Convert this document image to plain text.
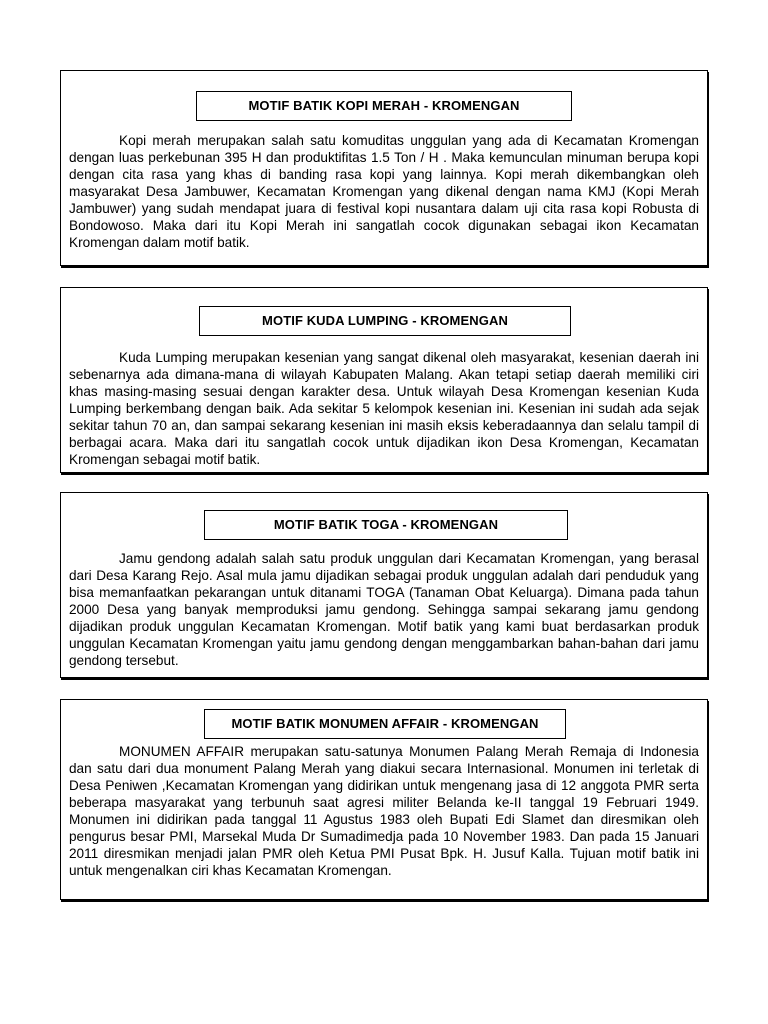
MOTIF BATIK KOPI MERAH - KROMENGAN

Kopi merah merupakan salah satu komuditas unggulan yang ada di Kecamatan Kromengan dengan luas perkebunan 395 H dan produktifitas 1.5 Ton / H . Maka kemunculan minuman berupa kopi dengan cita rasa yang khas di banding rasa kopi yang lainnya. Kopi merah dikembangkan oleh masyarakat Desa Jambuwer, Kecamatan Kromengan yang dikenal dengan nama KMJ (Kopi Merah Jambuwer) yang sudah mendapat juara di festival kopi nusantara dalam uji cita rasa kopi Robusta di Bondowoso. Maka dari itu Kopi Merah ini sangatlah cocok digunakan sebagai ikon Kecamatan Kromengan dalam motif batik.

MOTIF KUDA LUMPING - KROMENGAN

Kuda Lumping merupakan kesenian yang sangat dikenal oleh masyarakat, kesenian daerah ini sebenarnya ada dimana-mana di wilayah Kabupaten Malang. Akan tetapi setiap daerah memiliki ciri khas masing-masing sesuai dengan karakter desa. Untuk wilayah Desa Kromengan kesenian Kuda Lumping berkembang dengan baik. Ada sekitar 5 kelompok kesenian ini. Kesenian ini sudah ada sejak sekitar tahun 70 an, dan sampai sekarang kesenian ini masih eksis keberadaannya dan selalu tampil di berbagai acara. Maka dari itu sangatlah cocok untuk dijadikan ikon Desa Kromengan, Kecamatan Kromengan sebagai motif batik.

MOTIF BATIK TOGA - KROMENGAN

Jamu gendong adalah salah satu produk unggulan dari Kecamatan Kromengan, yang berasal dari Desa Karang Rejo. Asal mula jamu dijadikan sebagai produk unggulan adalah dari penduduk yang bisa memanfaatkan pekarangan untuk ditanami TOGA (Tanaman Obat Keluarga). Dimana pada tahun 2000 Desa yang banyak memproduksi jamu gendong. Sehingga sampai sekarang jamu gendong dijadikan produk unggulan Kecamatan Kromengan. Motif batik yang kami buat berdasarkan produk unggulan Kecamatan Kromengan yaitu jamu gendong dengan menggambarkan bahan-bahan dari jamu gendong tersebut.

MOTIF BATIK MONUMEN AFFAIR - KROMENGAN

MONUMEN AFFAIR merupakan satu-satunya Monumen Palang Merah Remaja di Indonesia dan satu dari dua monument Palang Merah yang diakui secara Internasional. Monumen ini terletak di Desa Peniwen ,Kecamatan Kromengan yang didirikan untuk mengenang jasa di 12 anggota PMR serta beberapa masyarakat yang terbunuh saat agresi militer Belanda ke-II tanggal 19 Februari 1949. Monumen ini didirikan pada tanggal 11 Agustus 1983 oleh Bupati Edi Slamet dan diresmikan oleh pengurus besar PMI, Marsekal Muda Dr Sumadimedja pada 10 November 1983. Dan pada 15 Januari 2011 diresmikan menjadi jalan PMR oleh Ketua PMI Pusat Bpk. H. Jusuf Kalla. Tujuan motif batik ini untuk mengenalkan ciri khas Kecamatan Kromengan.
